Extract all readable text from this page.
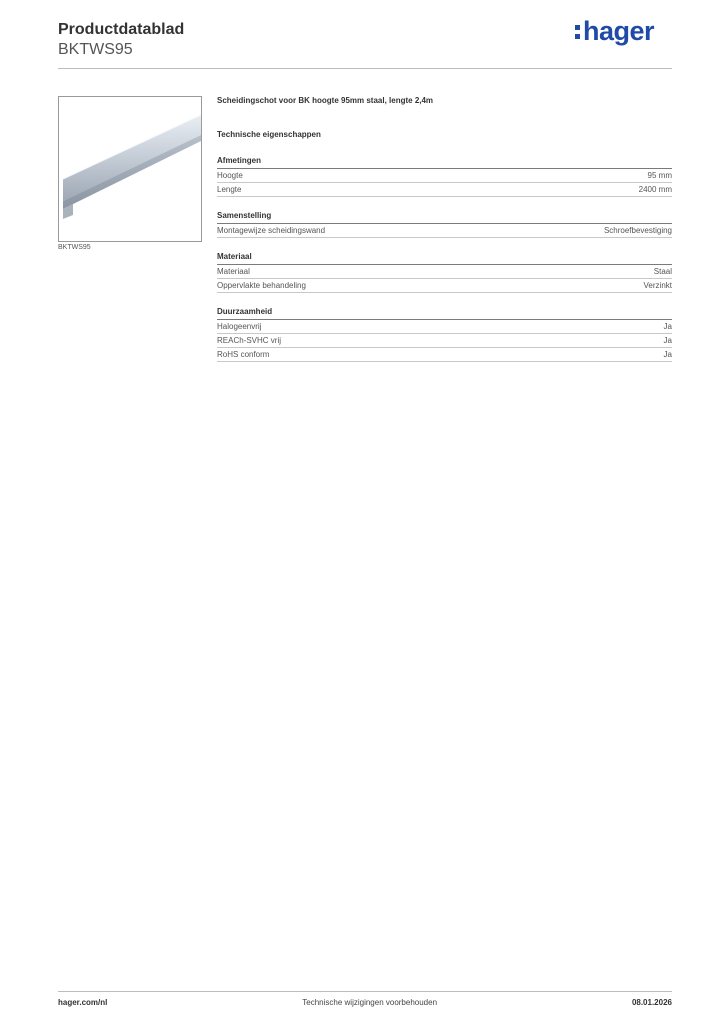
Productdatablad
BKTWS95
hager
BKTWS95
Scheidingschot voor BK hoogte 95mm staal, lengte 2,4m
Technische eigenschappen
Afmetingen
Hoogte	95 mm
Lengte	2400 mm
Samenstelling
Montagewijze scheidingswand	Schroefbevestiging
Materiaal
Materiaal	Staal
Oppervlakte behandeling	Verzinkt
Duurzaamheid
Halogeenvrij	Ja
REACh-SVHC vrij	Ja
RoHS conform	Ja
hager.com/nl	Technische wijzigingen voorbehouden	08.01.2026
